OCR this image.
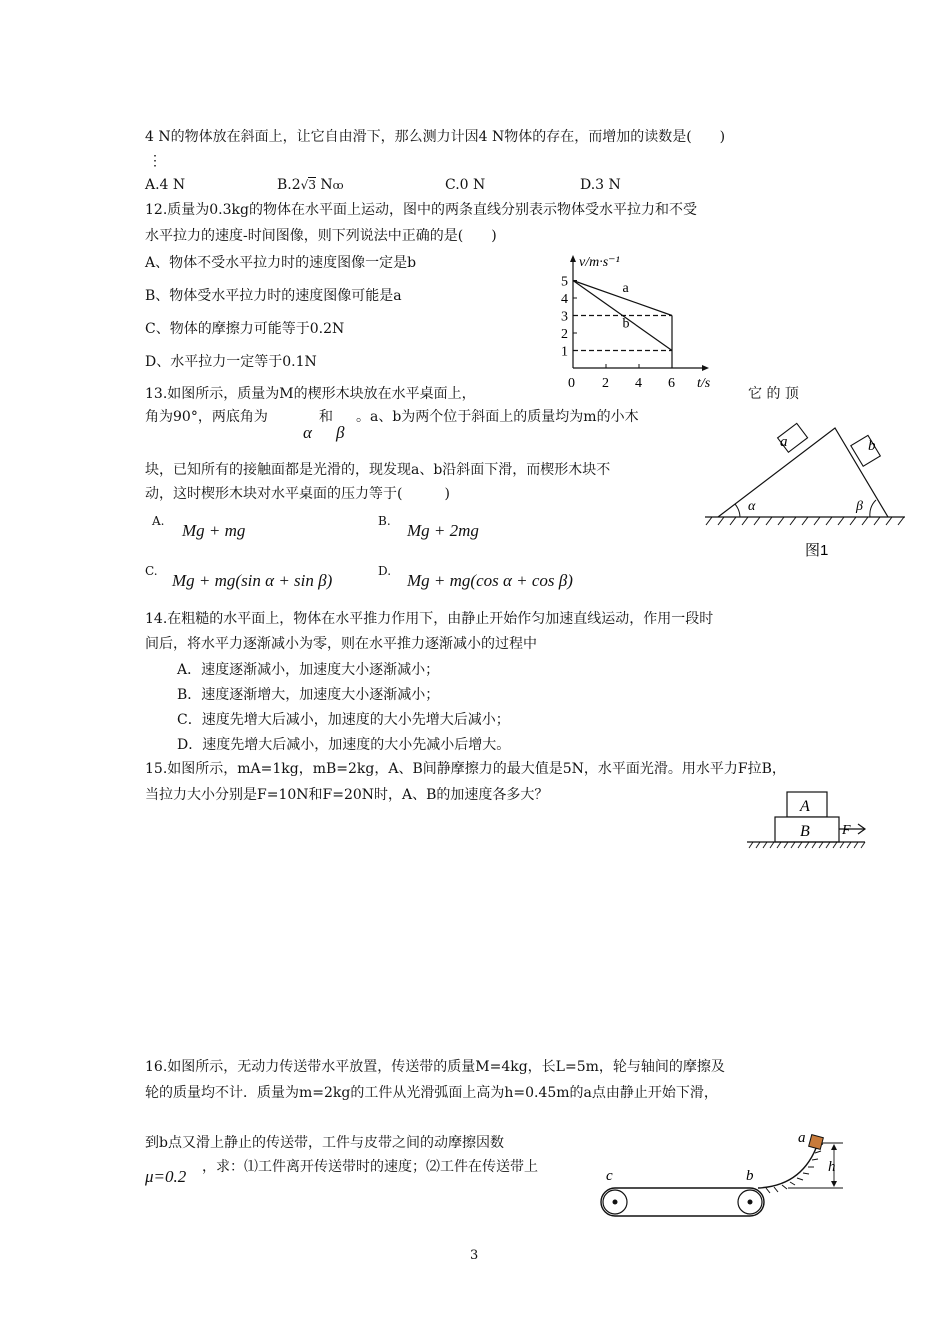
4 N的物体放在斜面上，让它自由滑下，那么测力计因4 N物体的存在，而增加的读数是(　　)
⋮
A.4 N	B.2√3 Nꝏ	C.0 N	D.3 N
12.质量为0.3kg的物体在水平面上运动，图中的两条直线分别表示物体受水平拉力和不受
水平拉力的速度-时间图像，则下列说法中正确的是(　　)
A、物体不受水平拉力时的速度图像一定是b
B、物体受水平拉力时的速度图像可能是a
C、物体的摩擦力可能等于0.2N
D、水平拉力一定等于0.1N
v/m·s⁻¹
t/s
0
1
2
3
4
5
2 4 6
a
b
13.如图所示，质量为M的楔形木块放在水平桌面上，	它 的 顶
角为90°，两底角为
α
和
β
。a、b为两个位于斜面上的质量均为m的小木
块，已知所有的接触面都是光滑的，现发现a、b沿斜面下滑，而楔形木块不
动，这时楔形木块对水平桌面的压力等于(　　　)
A. Mg + mg	B. Mg + 2mg
C. Mg + mg(sin α + sin β)	D. Mg + mg(cos α + cos β)
a	b
α	β
图1
14.在粗糙的水平面上，物体在水平推力作用下，由静止开始作匀加速直线运动，作用一段时
间后，将水平力逐渐减小为零，则在水平推力逐渐减小的过程中
A．速度逐渐减小，加速度大小逐渐减小；
B．速度逐渐增大，加速度大小逐渐减小；
C．速度先增大后减小，加速度的大小先增大后减小；
D．速度先增大后减小，加速度的大小先减小后增大。
15.如图所示，mA=1kg，mB=2kg，A、B间静摩擦力的最大值是5N，水平面光滑。用水平力F拉B，
当拉力大小分别是F=10N和F=20N时，A、B的加速度各多大？
A
B F
16.如图所示，无动力传送带水平放置，传送带的质量M=4kg，长L=5m，轮与轴间的摩擦及
轮的质量均不计．质量为m=2kg的工件从光滑弧面上高为h=0.45m的a点由静止开始下滑，
到b点又滑上静止的传送带，工件与皮带之间的动摩擦因数
μ=0.2 ，求：⑴工件离开传送带时的速度；⑵工件在传送带上
c	b
a
h
3
